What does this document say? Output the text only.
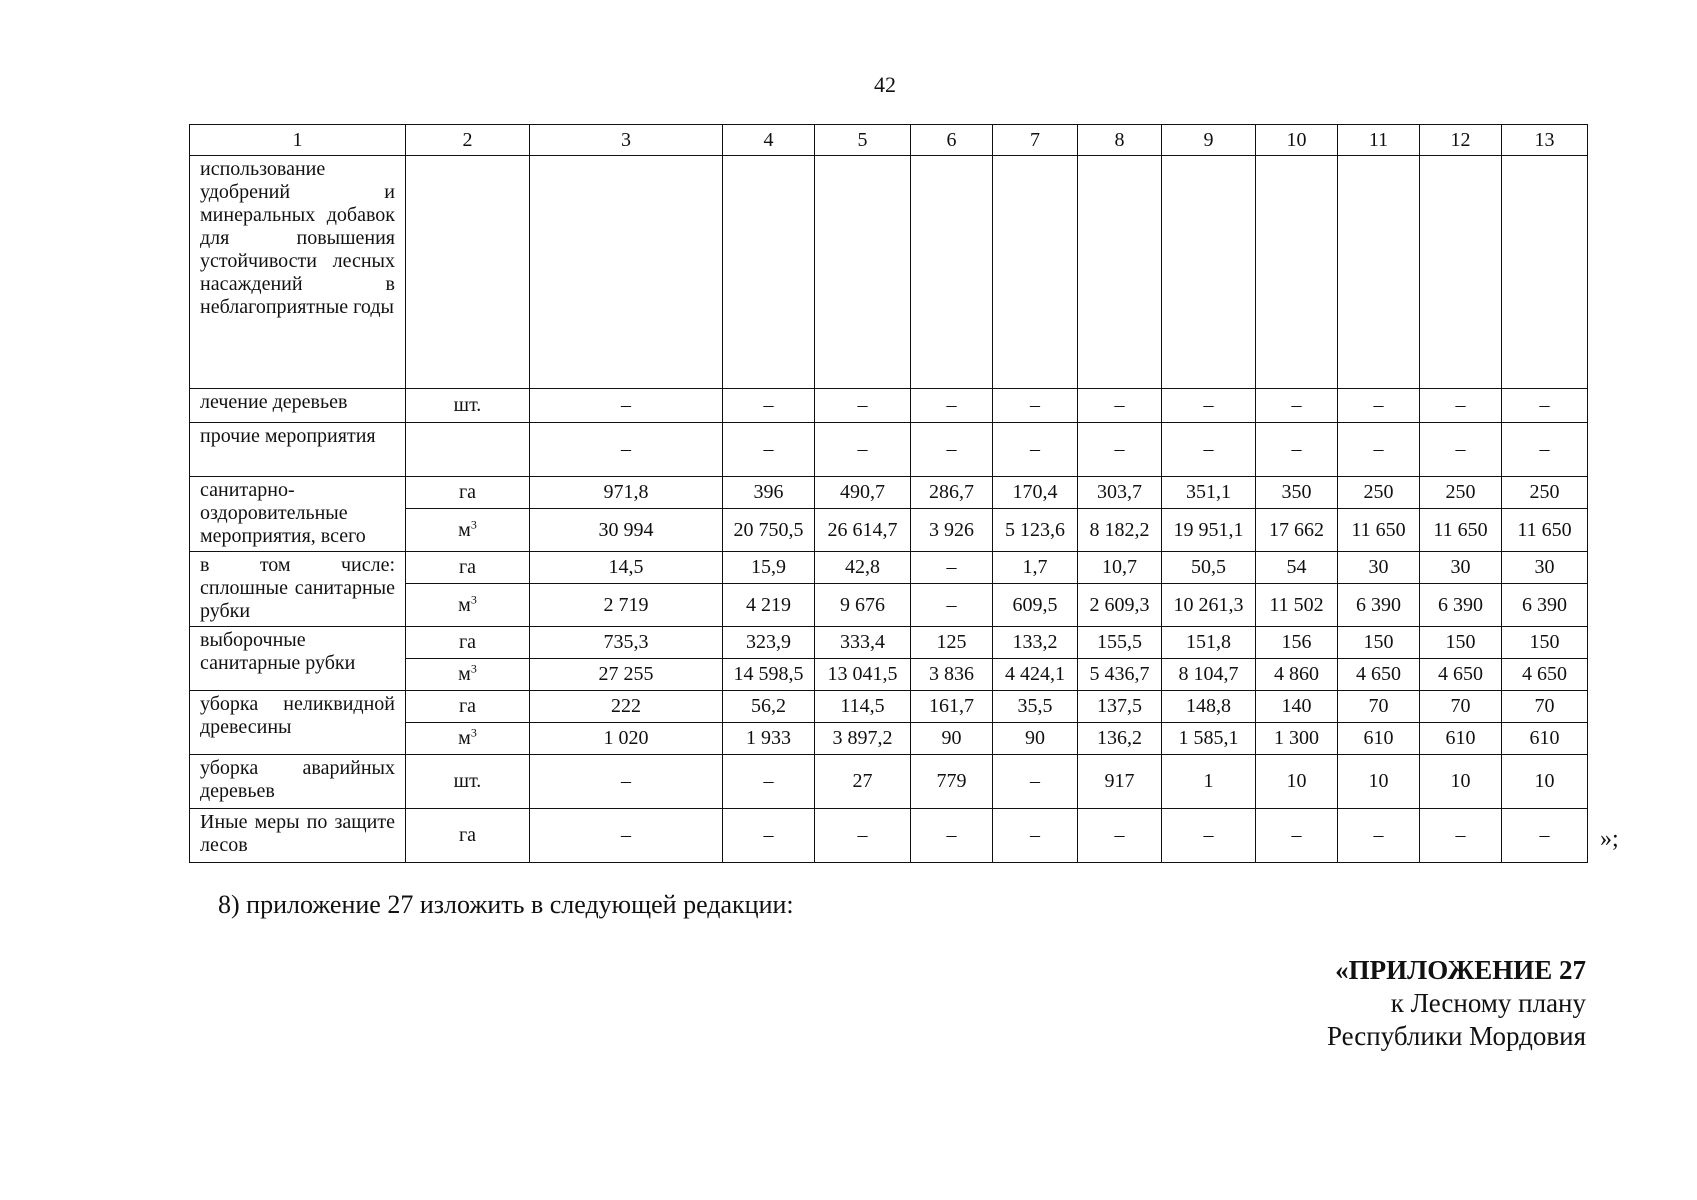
42
1	2	3	4	5	6	7	8	9	10	11	12	13
использование удобрений и минеральных добавок для повышения устойчивости лесных насаждений в неблагоприятные годы												
лечение деревьев	шт.	–	–	–	–	–	–	–	–	–	–	–
прочие мероприятия		–	–	–	–	–	–	–	–	–	–	–
санитарно-оздоровительные мероприятия, всего	га	971,8	396	490,7	286,7	170,4	303,7	351,1	350	250	250	250
	$м^3$	30 994	20 750,5	26 614,7	3 926	5 123,6	8 182,2	19 951,1	17 662	11 650	11 650	11 650
в том числе: сплошные санитарные рубки	га	14,5	15,9	42,8	–	1,7	10,7	50,5	54	30	30	30
	$м^3$	2 719	4 219	9 676	–	609,5	2 609,3	10 261,3	11 502	6 390	6 390	6 390
выборочные санитарные рубки	га	735,3	323,9	333,4	125	133,2	155,5	151,8	156	150	150	150
	$м^3$	27 255	14 598,5	13 041,5	3 836	4 424,1	5 436,7	8 104,7	4 860	4 650	4 650	4 650
уборка неликвидной древесины	га	222	56,2	114,5	161,7	35,5	137,5	148,8	140	70	70	70
	$м^3$	1 020	1 933	3 897,2	90	90	136,2	1 585,1	1 300	610	610	610
уборка аварийных деревьев	шт.	–	–	27	779	–	917	1	10	10	10	10
Иные меры по защите лесов	га	–	–	–	–	–	–	–	–	–	–	– »;
8) приложение 27 изложить в следующей редакции:
«ПРИЛОЖЕНИЕ 27
к Лесному плану
Республики Мордовия
